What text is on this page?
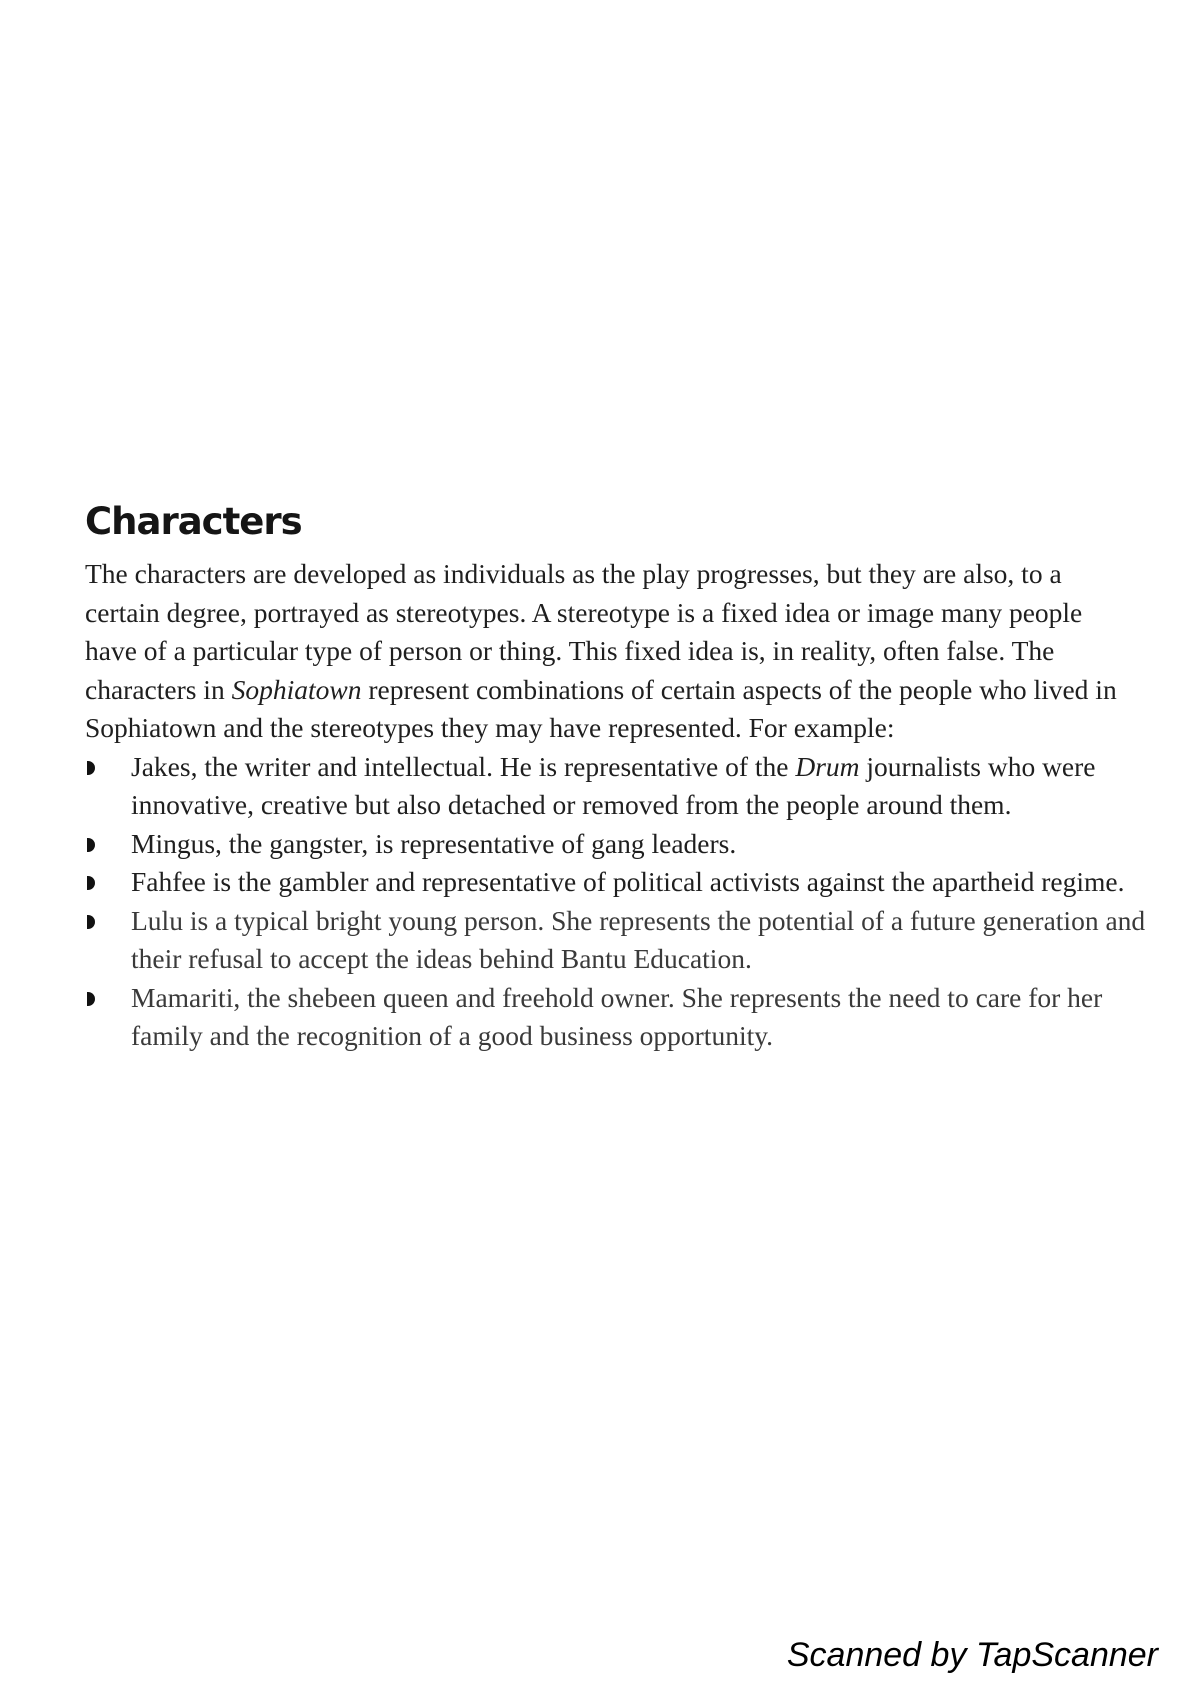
Characters

The characters are developed as individuals as the play progresses, but they are also, to a certain degree, portrayed as stereotypes. A stereotype is a fixed idea or image many people have of a particular type of person or thing. This fixed idea is, in reality, often false. The characters in Sophiatown represent combinations of certain aspects of the people who lived in Sophiatown and the stereotypes they may have represented. For example:

Jakes, the writer and intellectual. He is representative of the Drum journalists who were innovative, creative but also detached or removed from the people around them.
Mingus, the gangster, is representative of gang leaders.
Fahfee is the gambler and representative of political activists against the apartheid regime.
Lulu is a typical bright young person. She represents the potential of a future generation and their refusal to accept the ideas behind Bantu Education.
Mamariti, the shebeen queen and freehold owner. She represents the need to care for her family and the recognition of a good business opportunity.
Scanned by TapScanner
